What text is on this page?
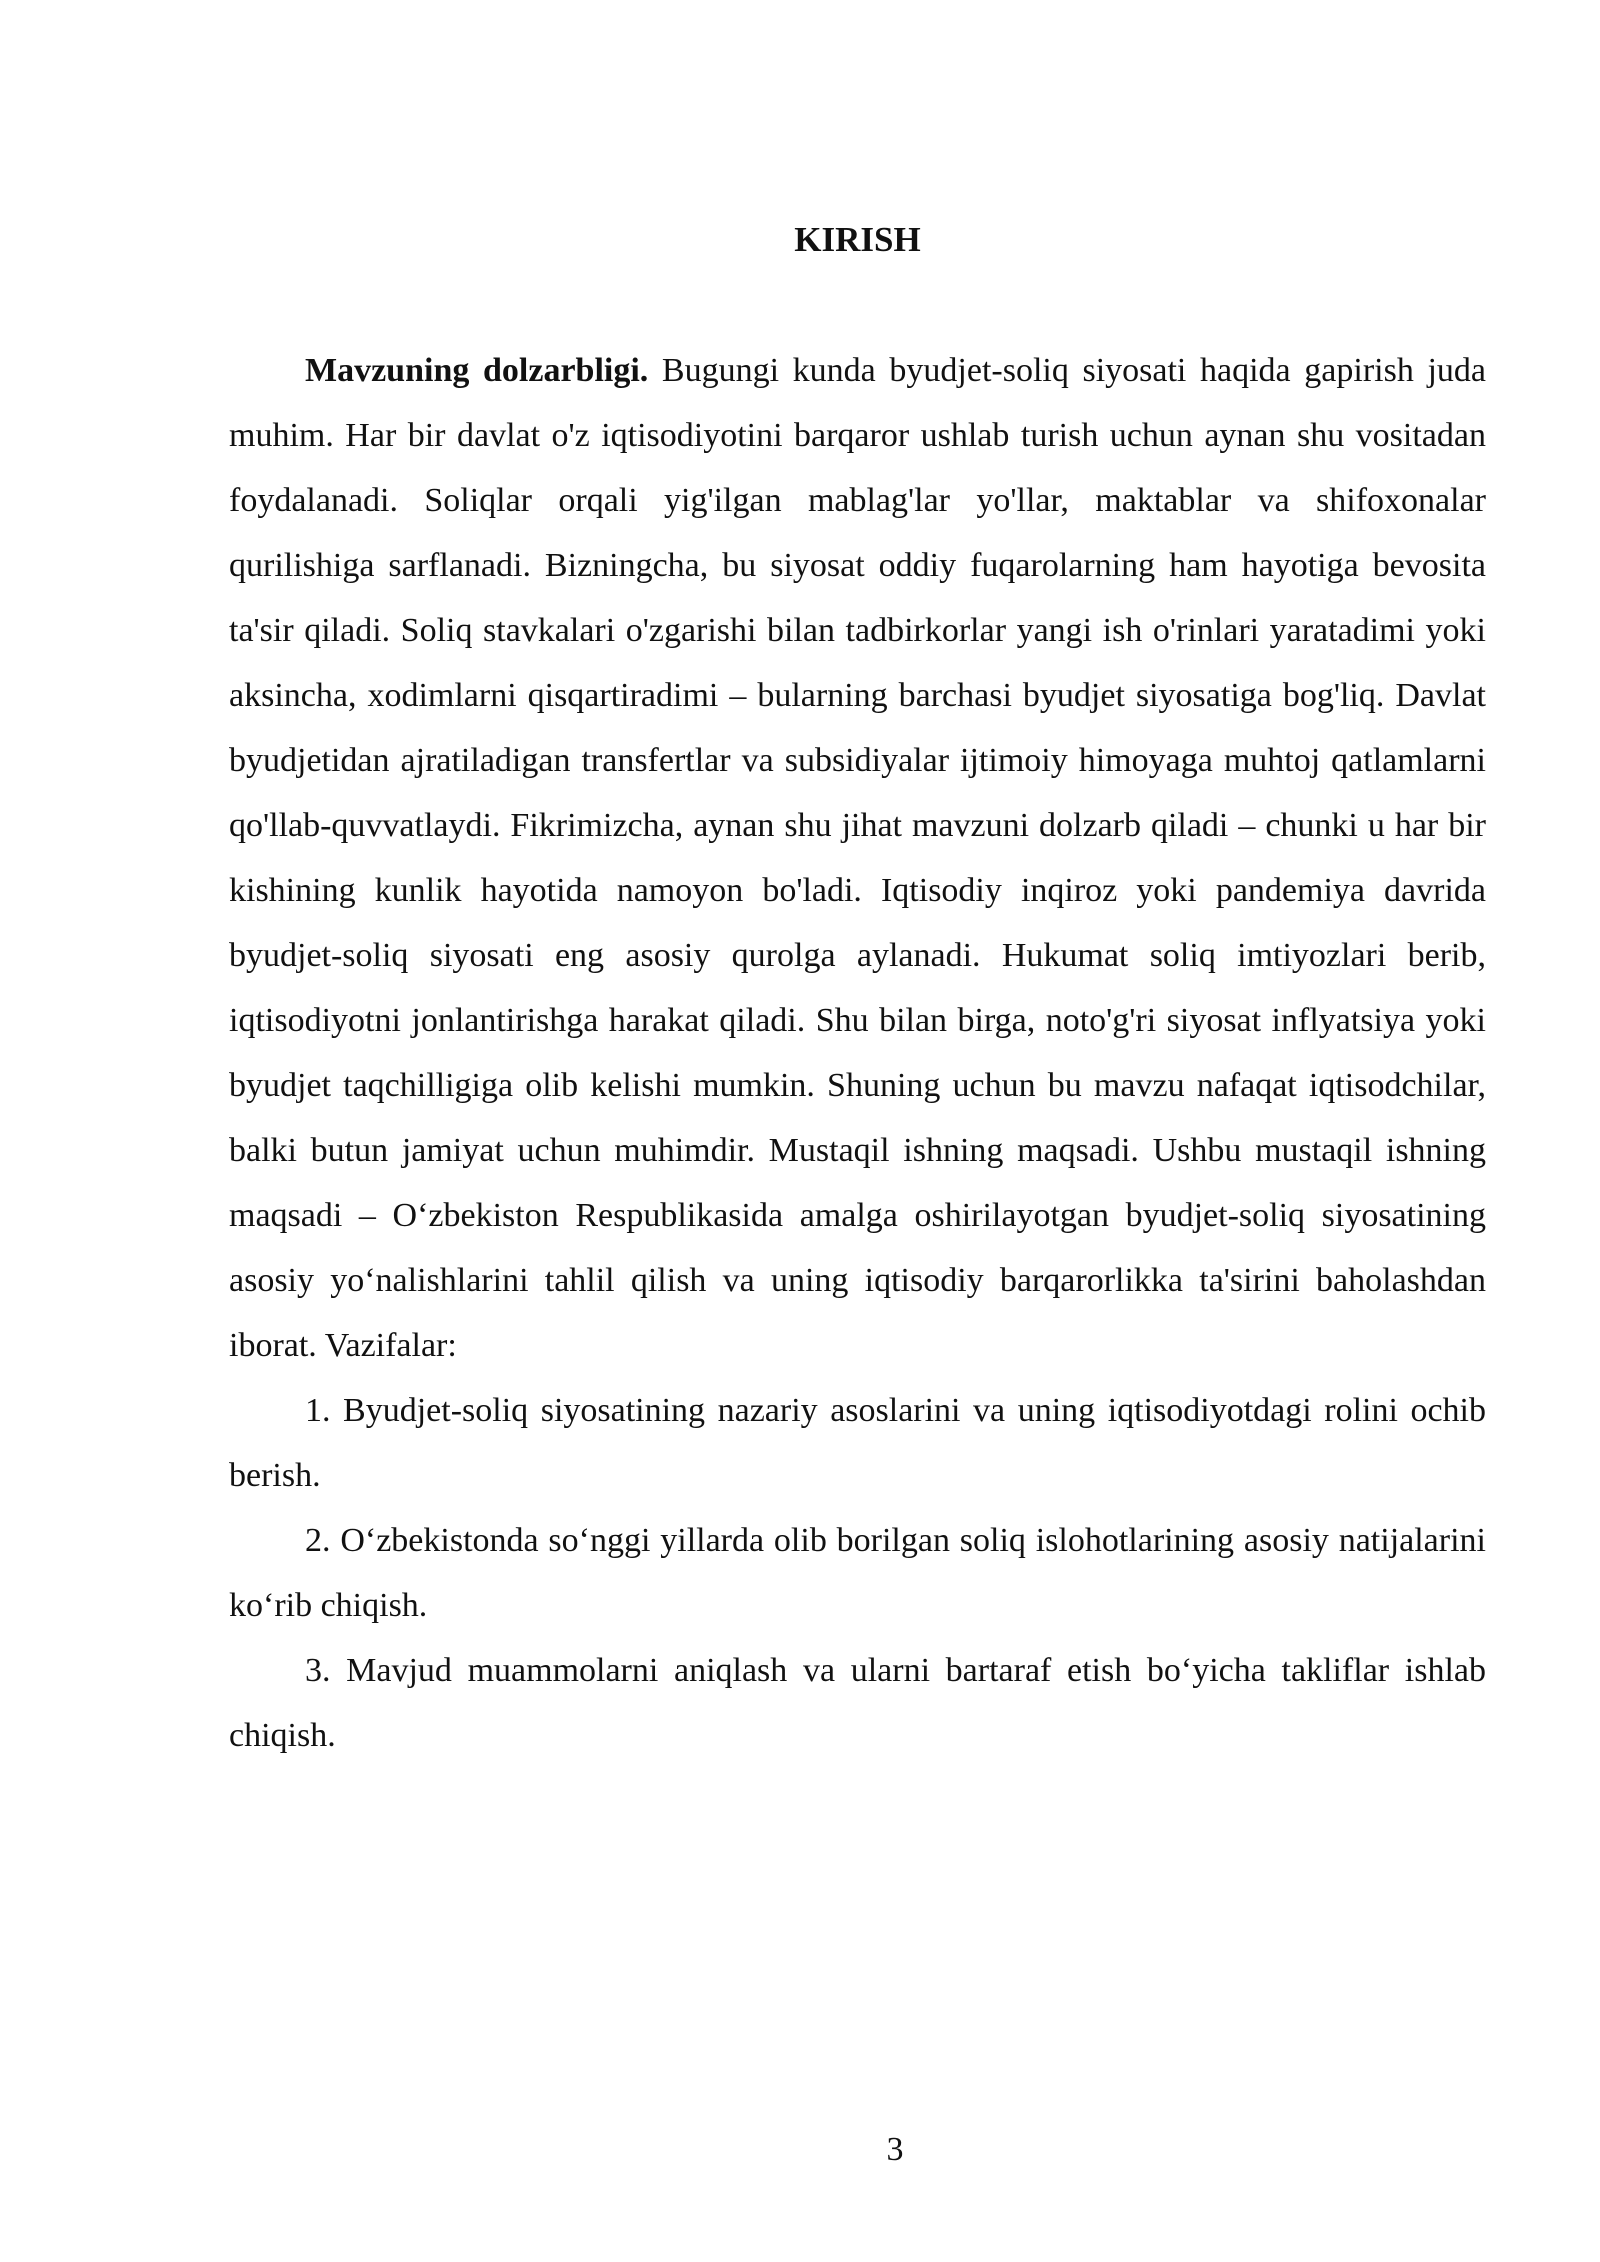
KIRISH

Mavzuning dolzarbligi. Bugungi kunda byudjet-soliq siyosati haqida gapirish juda muhim. Har bir davlat o'z iqtisodiyotini barqaror ushlab turish uchun aynan shu vositadan foydalanadi. Soliqlar orqali yig'ilgan mablag'lar yo'llar, maktablar va shifoxonalar qurilishiga sarflanadi. Bizningcha, bu siyosat oddiy fuqarolarning ham hayotiga bevosita ta'sir qiladi. Soliq stavkalari o'zgarishi bilan tadbirkorlar yangi ish o'rinlari yaratadimi yoki aksincha, xodimlarni qisqartiradimi – bularning barchasi byudjet siyosatiga bog'liq. Davlat byudjetidan ajratiladigan transfertlar va subsidiyalar ijtimoiy himoyaga muhtoj qatlamlarni qo'llab-quvvatlaydi. Fikrimizcha, aynan shu jihat mavzuni dolzarb qiladi – chunki u har bir kishining kunlik hayotida namoyon bo'ladi. Iqtisodiy inqiroz yoki pandemiya davrida byudjet-soliq siyosati eng asosiy qurolga aylanadi. Hukumat soliq imtiyozlari berib, iqtisodiyotni jonlantirishga harakat qiladi. Shu bilan birga, noto'g'ri siyosat inflyatsiya yoki byudjet taqchilligiga olib kelishi mumkin. Shuning uchun bu mavzu nafaqat iqtisodchilar, balki butun jamiyat uchun muhimdir. Mustaqil ishning maqsadi. Ushbu mustaqil ishning maqsadi – O‘zbekiston Respublikasida amalga oshirilayotgan byudjet-soliq siyosatining asosiy yo‘nalishlarini tahlil qilish va uning iqtisodiy barqarorlikka ta'sirini baholashdan iborat. Vazifalar:

1. Byudjet-soliq siyosatining nazariy asoslarini va uning iqtisodiyotdagi rolini ochib berish.

2. O‘zbekistonda so‘nggi yillarda olib borilgan soliq islohotlarining asosiy natijalarini ko‘rib chiqish.

3. Mavjud muammolarni aniqlash va ularni bartaraf etish bo‘yicha takliflar ishlab chiqish.

3
